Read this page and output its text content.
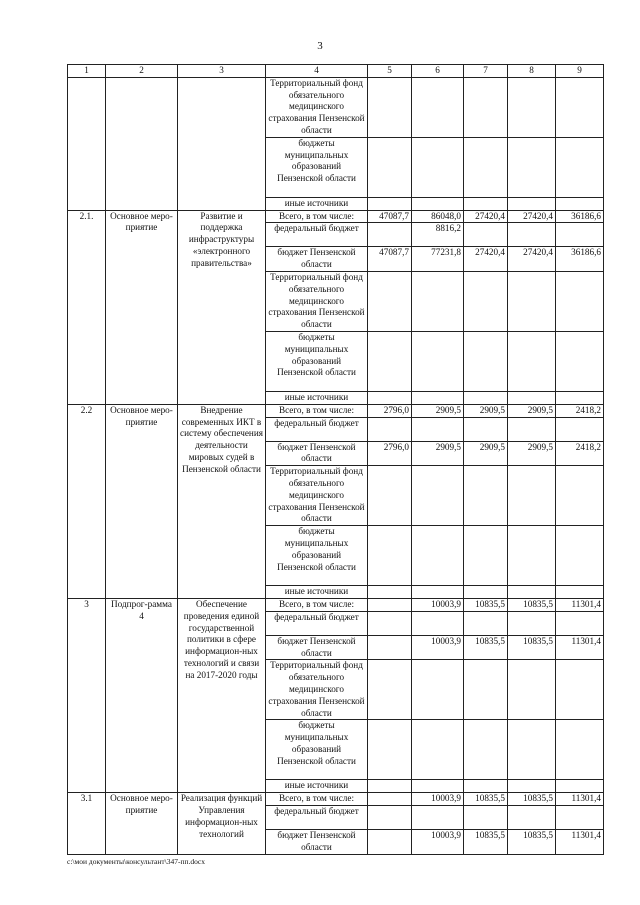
3
1	2	3	4	5	6	7	8	9
			Территориальный фонд обязательного медицинского страхования Пензенской области					
			бюджеты муниципальных образований Пензенской области					
			иные источники					
2.1.	Основное меро-приятие	Развитие и поддержка инфраструктуры «электронного правительства»	Всего, в том числе:	47087,7	86048,0	27420,4	27420,4	36186,6
			федеральный бюджет		8816,2			
			бюджет Пензенской области	47087,7	77231,8	27420,4	27420,4	36186,6
			Территориальный фонд обязательного медицинского страхования Пензенской области					
			бюджеты муниципальных образований Пензенской области					
			иные источники					
2.2	Основное меро-приятие	Внедрение современных ИКТ в систему обеспечения деятельности мировых судей в Пензенской области	Всего, в том числе:	2796,0	2909,5	2909,5	2909,5	2418,2
			федеральный бюджет					
			бюджет Пензенской области	2796,0	2909,5	2909,5	2909,5	2418,2
			Территориальный фонд обязательного медицинского страхования Пензенской области					
			бюджеты муниципальных образований Пензенской области					
			иные источники					
3	Подпрог-рамма 4	Обеспечение проведения единой государственной политики в сфере информацион-ных технологий и связи на 2017-2020 годы	Всего, в том числе:		10003,9	10835,5	10835,5	11301,4
			федеральный бюджет					
			бюджет Пензенской области		10003,9	10835,5	10835,5	11301,4
			Территориальный фонд обязательного медицинского страхования Пензенской области					
			бюджеты муниципальных образований Пензенской области					
			иные источники					
3.1	Основное меро-приятие	Реализация функций Управления информацион-ных технологий	Всего, в том числе:		10003,9	10835,5	10835,5	11301,4
			федеральный бюджет					
			бюджет Пензенской области		10003,9	10835,5	10835,5	11301,4
c:\мои документы\консультант\347-пп.docx
